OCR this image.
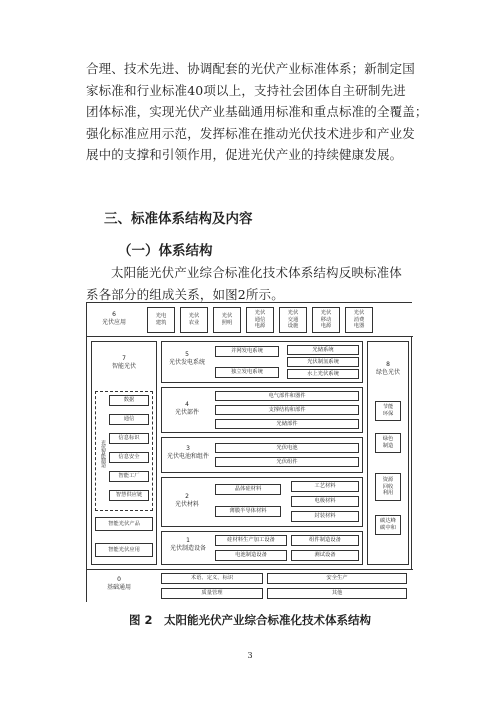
合理、技术先进、协调配套的光伏产业标准体系；新制定国
家标准和行业标准40项以上，支持社会团体自主研制先进
团体标准，实现光伏产业基础通用标准和重点标准的全覆盖；
强化标准应用示范，发挥标准在推动光伏技术进步和产业发
展中的支撑和引领作用，促进光伏产业的持续健康发展。
三、标准体系结构及内容
（一）体系结构
太阳能光伏产业综合标准化技术体系结构反映标准体
系各部分的组成关系，如图2所示。
6
光伏应用
光电
建筑
光伏
农业
光伏
照明
光伏
通信
电源
光伏
交通
设施
光伏
移动
电源
光伏
消费
电器
7
智能光伏
光伏智能制造
数据
通信
信息标识
信息安全
智能工厂
智慧供应链
智能光伏产品
智能光伏应用
8
绿色光伏
节能
环保
绿色
制造
资源
回收
利用
碳达峰
碳中和
5
光伏发电系统
并网发电系统
独立发电系统
光储系统
光伏制氢系统
水上光伏系统
4
光伏部件
电气部件和器件
支撑结构和部件
光储部件
3
光伏电池和组件
光伏电池
光伏组件
2
光伏材料
晶体硅材料
薄膜半导体材料
工艺材料
电极材料
封装材料
1
光伏制造设备
硅材料生产加工设备	组件制造设备
电池制造设备	测试设备
0
基础通用
术语、定义、标识	安全生产
质量管理	其他
图 2　太阳能光伏产业综合标准化技术体系结构
3
